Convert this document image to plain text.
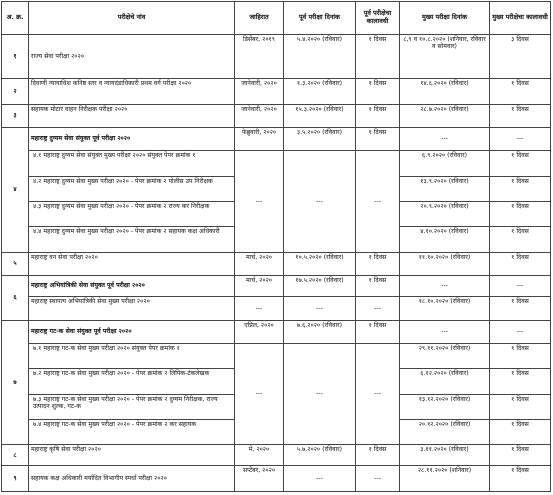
अ. क्र.	परीक्षेचे नांव	जाहिरात	पूर्व परीक्षा दिनांक	पूर्व परीक्षेचा कालावधी	मुख्य परीक्षा दिनांक	मुख्य परीक्षेचा कालावधी
१	राज्य सेवा परीक्षा २०२०	डिसेंबर, २०१९	५.४.२०२० (रविवार)	१ दिवस	८,९ व १०.८.२०२० (शनिवार, रविवार व सोमवार)	३ दिवस
२	दिवाणी न्यायाधिश कनिष्ठ स्तर व न्यायदंडाधिकारी प्रथम वर्ग परीक्षा २०२०	जानेवारी, २०२०	१.३.२०२० (रविवार)	१ दिवस	१४.६.२०२० (रविवार)	१ दिवस
३	सहायक मोटार वाहन निरीक्षक परीक्षा २०२०	जानेवारी, २०२०	१५.३.२०२० (रविवार)	१ दिवस	२८.७.२०२० (रविवार)	१ दिवस
४	महाराष्ट्र दुय्यम सेवा संयुक्त पूर्व परीक्षा २०२०	फेब्रुवारी, २०२०	३.५.२०२० (रविवार)	१ दिवस	---	---
	४.१ महाराष्ट्र दुय्यम सेवा संयुक्त मुख्य परीक्षा २०२० संयुक्त पेपर क्रमांक १	---	---	---	६.९.२०२० (रविवार)	१ दिवस
	४.२ महाराष्ट्र दुय्यम सेवा मुख्य परीक्षा २०२० - पेपर क्रमांक २ पोलीस उप निरीक्षक				१३.९.२०२० (रविवार)	१ दिवस
	४.३ महाराष्ट्र दुय्यम सेवा मुख्य परीक्षा २०२० - पेपर क्रमांक २ राज्य कर निरीक्षक				२०.९.२०२० (रविवार)	१ दिवस
	४.४ महाराष्ट्र दुय्यम सेवा मुख्य परीक्षा २०२० - पेपर क्रमांक २ सहायक कक्ष अधिकारी				४.१०.२०२० (रविवार)	१ दिवस
५	महाराष्ट्र वन सेवा परीक्षा २०२०	मार्च, २०२०	१०.५.२०२० (रविवार)	१ दिवस	११.१०.२०२० (रविवार)	१ दिवस
६	महाराष्ट्र अभियांत्रिकी सेवा संयुक्त पूर्व परीक्षा २०२०	मार्च, २०२०	१७.५.२०२० (रविवार)	१ दिवस	---	---
	महाराष्ट्र स्थापत्य अभियांत्रिकी सेवा मुख्य परीक्षा २०२०	---	---	---	१८.१०.२०२० (रविवार)	१ दिवस
७	महाराष्ट्र गट-क सेवा संयुक्त पूर्व परीक्षा २०२०	एप्रिल, २०२०	७.६.२०२० (रविवार)	१ दिवस	---	---
	७.१ महाराष्ट्र गट-क सेवा मुख्य परीक्षा २०२० संयुक्त पेपर क्रमांक १	---	---	---	२९.११.२०२० (रविवार)	१ दिवस
	७.२ महाराष्ट्र गट-क सेवा मुख्य परीक्षा २०२० - पेपर क्रमांक २ लिपिक-टंकलेखक				६.१२.२०२० (रविवार)	१ दिवस
	७.३ महाराष्ट्र गट-क सेवा मुख्य परीक्षा २०२० - पेपर क्रमांक २ दुय्यम निरीक्षक, राज्य उत्पादन शुल्क, गट-क				१३.१२.२०२० (रविवार)	१ दिवस
	७.४ महाराष्ट्र गट-क सेवा मुख्य परीक्षा २०२० - पेपर क्रमांक २ कर सहायक				२०.१२.२०२० (रविवार)	१ दिवस
८	महाराष्ट्र कृषि सेवा परीक्षा २०२०	मे, २०२०	५.७.२०२० (रविवार)	१ दिवस	३.११.२०२० (रविवार)	१ दिवस
९	सहायक कक्ष अधिकारी मर्यादित विभागीय स्पर्धा परीक्षा २०२०	सप्टेंबर, २०२०	---	---	२८.११.२०२० (शनिवार)	१ दिवस
